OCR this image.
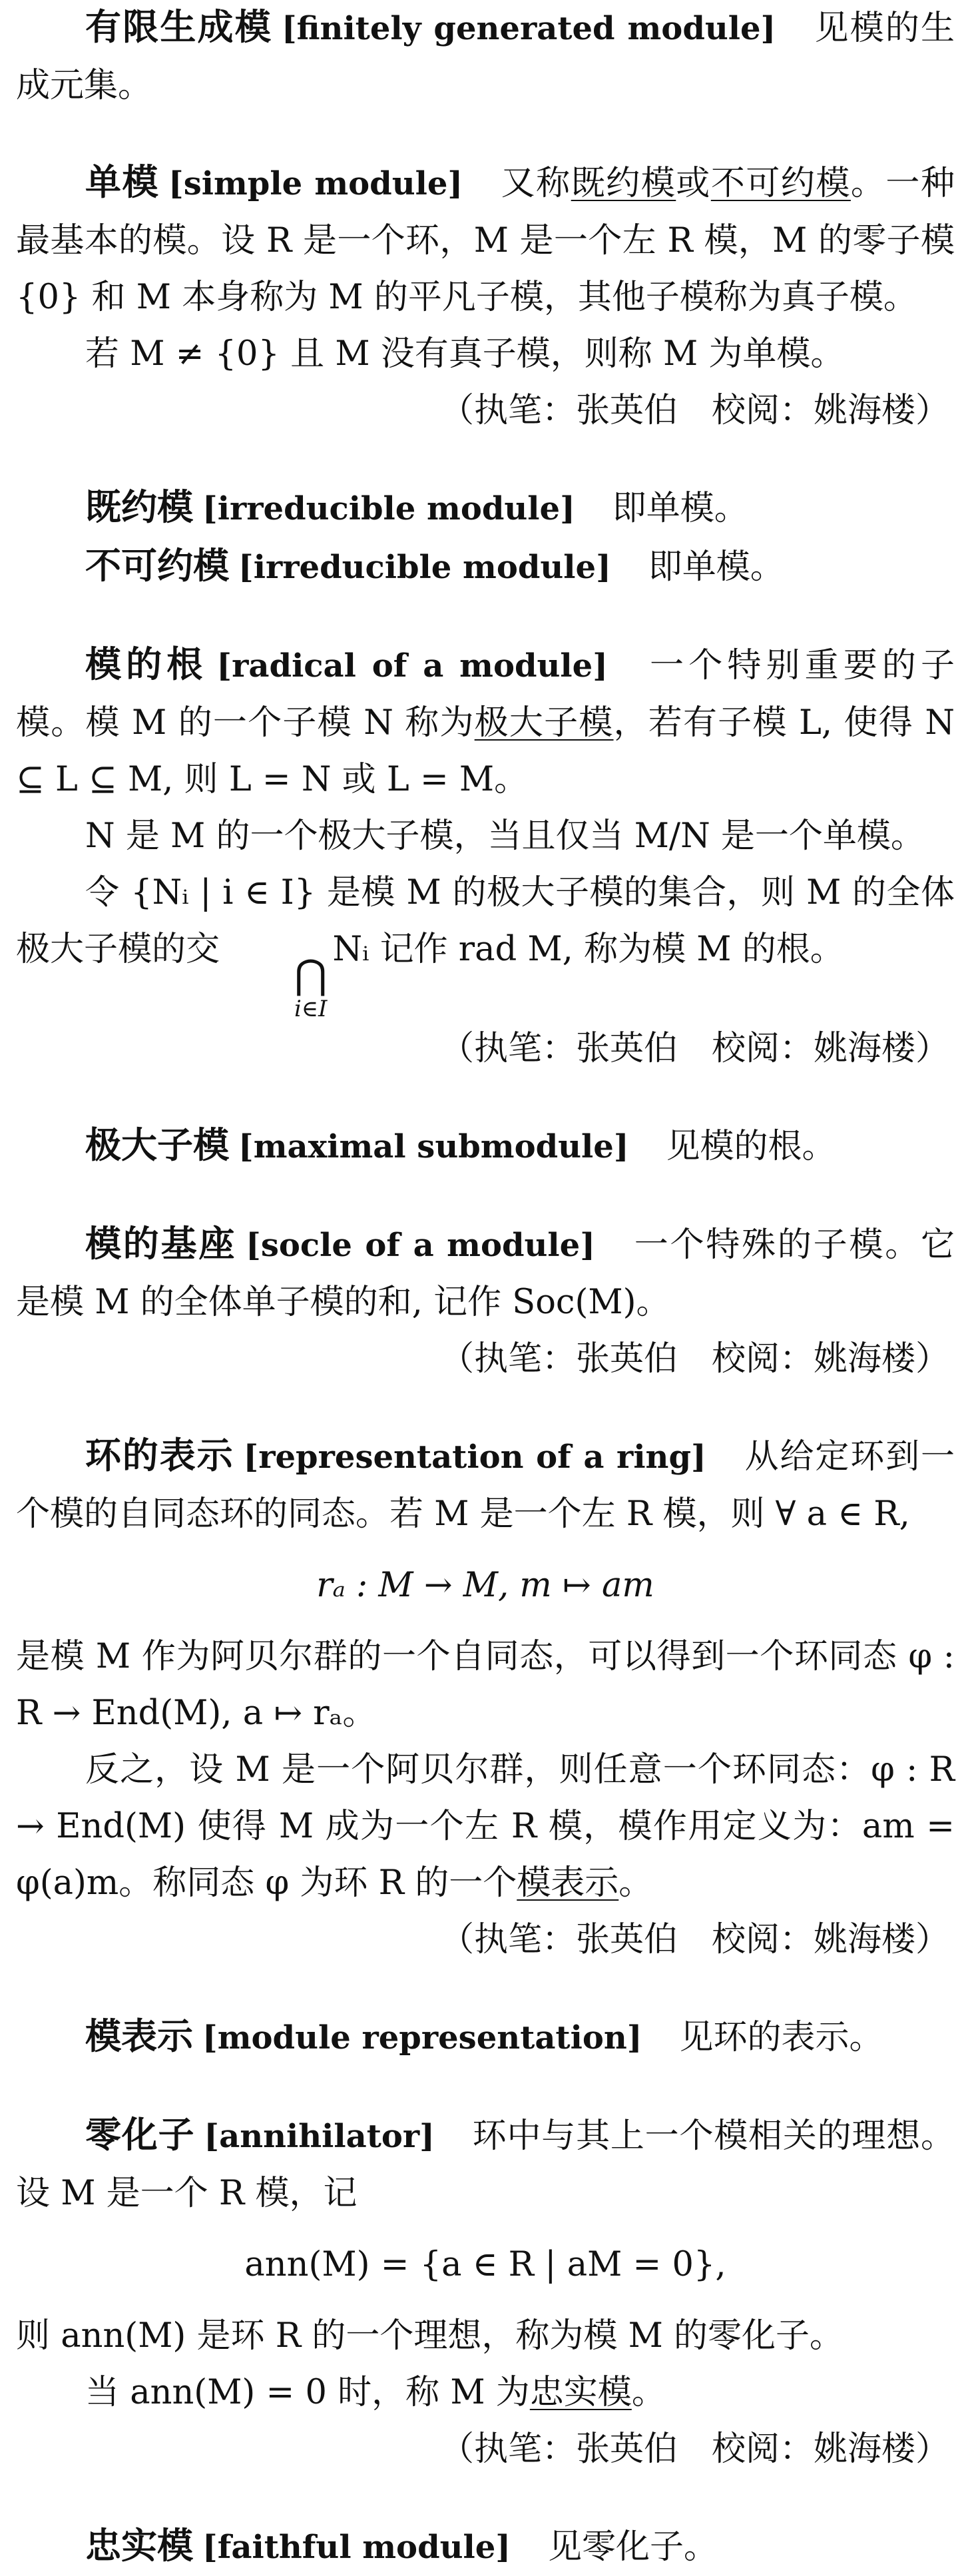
有限生成模 [finitely generated module] 见模的生成元集。

单模 [simple module] 又称既约模或不可约模。一种最基本的模。设 R 是一个环，M 是一个左 R 模，M 的零子模 {0} 和 M 本身称为 M 的平凡子模，其他子模称为真子模。

若 M ≠ {0} 且 M 没有真子模，则称 M 为单模。

（执笔：张英伯　校阅：姚海楼）

既约模 [irreducible module] 即单模。

不可约模 [irreducible module] 即单模。

模的根 [radical of a module] 一个特别重要的子模。模 M 的一个子模 N 称为极大子模，若有子模 L, 使得 N ⊆ L ⊆ M, 则 L = N 或 L = M。

N 是 M 的一个极大子模，当且仅当 M/N 是一个单模。

令 {Nᵢ | i ∈ I} 是模 M 的极大子模的集合，则 M 的全体极大子模的交
⋂
i∈I
Nᵢ 记作 rad M, 称为模 M 的根。

（执笔：张英伯　校阅：姚海楼）

极大子模 [maximal submodule] 见模的根。

模的基座 [socle of a module] 一个特殊的子模。它是模 M 的全体单子模的和, 记作 Soc(M)。

（执笔：张英伯　校阅：姚海楼）

环的表示 [representation of a ring] 从给定环到一个模的自同态环的同态。若 M 是一个左 R 模，则 ∀ a ∈ R,

rₐ : M → M, m ↦ am

是模 M 作为阿贝尔群的一个自同态，可以得到一个环同态 φ : R → End(M), a ↦ rₐ。

反之，设 M 是一个阿贝尔群，则任意一个环同态：φ : R → End(M) 使得 M 成为一个左 R 模，模作用定义为：am = φ(a)m。称同态 φ 为环 R 的一个模表示。

（执笔：张英伯　校阅：姚海楼）

模表示 [module representation] 见环的表示。

零化子 [annihilator] 环中与其上一个模相关的理想。设 M 是一个 R 模，记

ann(M) = {a ∈ R | aM = 0},

则 ann(M) 是环 R 的一个理想，称为模 M 的零化子。

当 ann(M) = 0 时，称 M 为忠实模。

（执笔：张英伯　校阅：姚海楼）

忠实模 [faithful module] 见零化子。
